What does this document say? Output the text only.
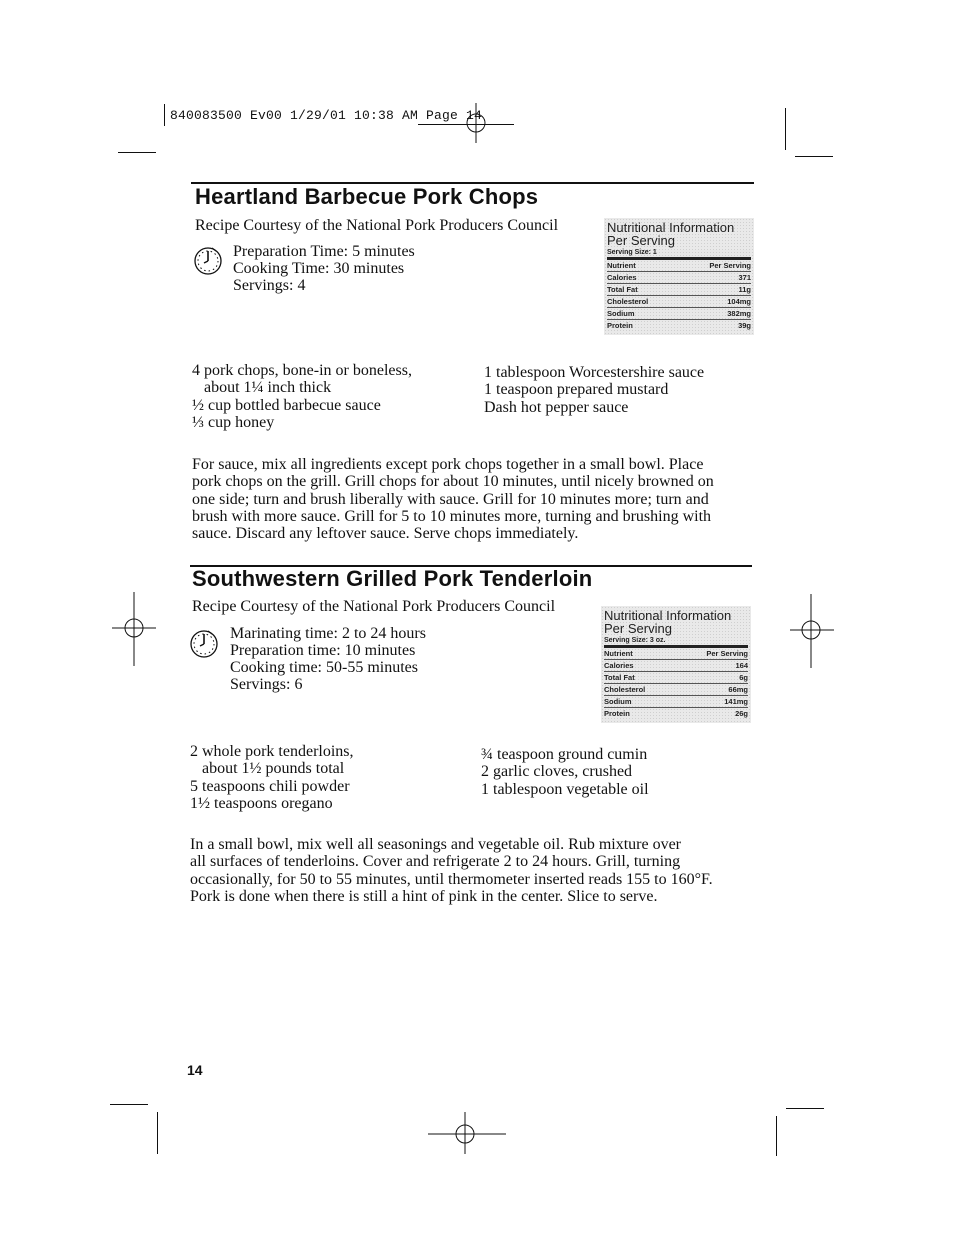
840083500 Ev00 1/29/01 10:38 AM Page 14
Heartland Barbecue Pork Chops
Recipe Courtesy of the National Pork Producers Council
Preparation Time: 5 minutes
Cooking Time: 30 minutes
Servings: 4
Nutritional Information
Per Serving
Serving Size: 1
Nutrient	Per Serving
Calories	371
Total Fat	11g
Cholesterol	104mg
Sodium	382mg
Protein	39g
4 pork chops, bone-in or boneless,
about 1¼ inch thick
½ cup bottled barbecue sauce
⅓ cup honey
1 tablespoon Worcestershire sauce
1 teaspoon prepared mustard
Dash hot pepper sauce
For sauce, mix all ingredients except pork chops together in a small bowl. Place
pork chops on the grill. Grill chops for about 10 minutes, until nicely browned on
one side; turn and brush liberally with sauce. Grill for 10 minutes more; turn and
brush with more sauce. Grill for 5 to 10 minutes more, turning and brushing with
sauce. Discard any leftover sauce. Serve chops immediately.
Southwestern Grilled Pork Tenderloin
Recipe Courtesy of the National Pork Producers Council
Marinating time: 2 to 24 hours
Preparation time: 10 minutes
Cooking time: 50-55 minutes
Servings: 6
Nutritional Information
Per Serving
Serving Size: 3 oz.
Nutrient	Per Serving
Calories	164
Total Fat	6g
Cholesterol	66mg
Sodium	141mg
Protein	26g
2 whole pork tenderloins,
about 1½ pounds total
5 teaspoons chili powder
1½ teaspoons oregano
¾ teaspoon ground cumin
2 garlic cloves, crushed
1 tablespoon vegetable oil
In a small bowl, mix well all seasonings and vegetable oil. Rub mixture over
all surfaces of tenderloins. Cover and refrigerate 2 to 24 hours. Grill, turning
occasionally, for 50 to 55 minutes, until thermometer inserted reads 155 to 160°F.
Pork is done when there is still a hint of pink in the center. Slice to serve.
14
